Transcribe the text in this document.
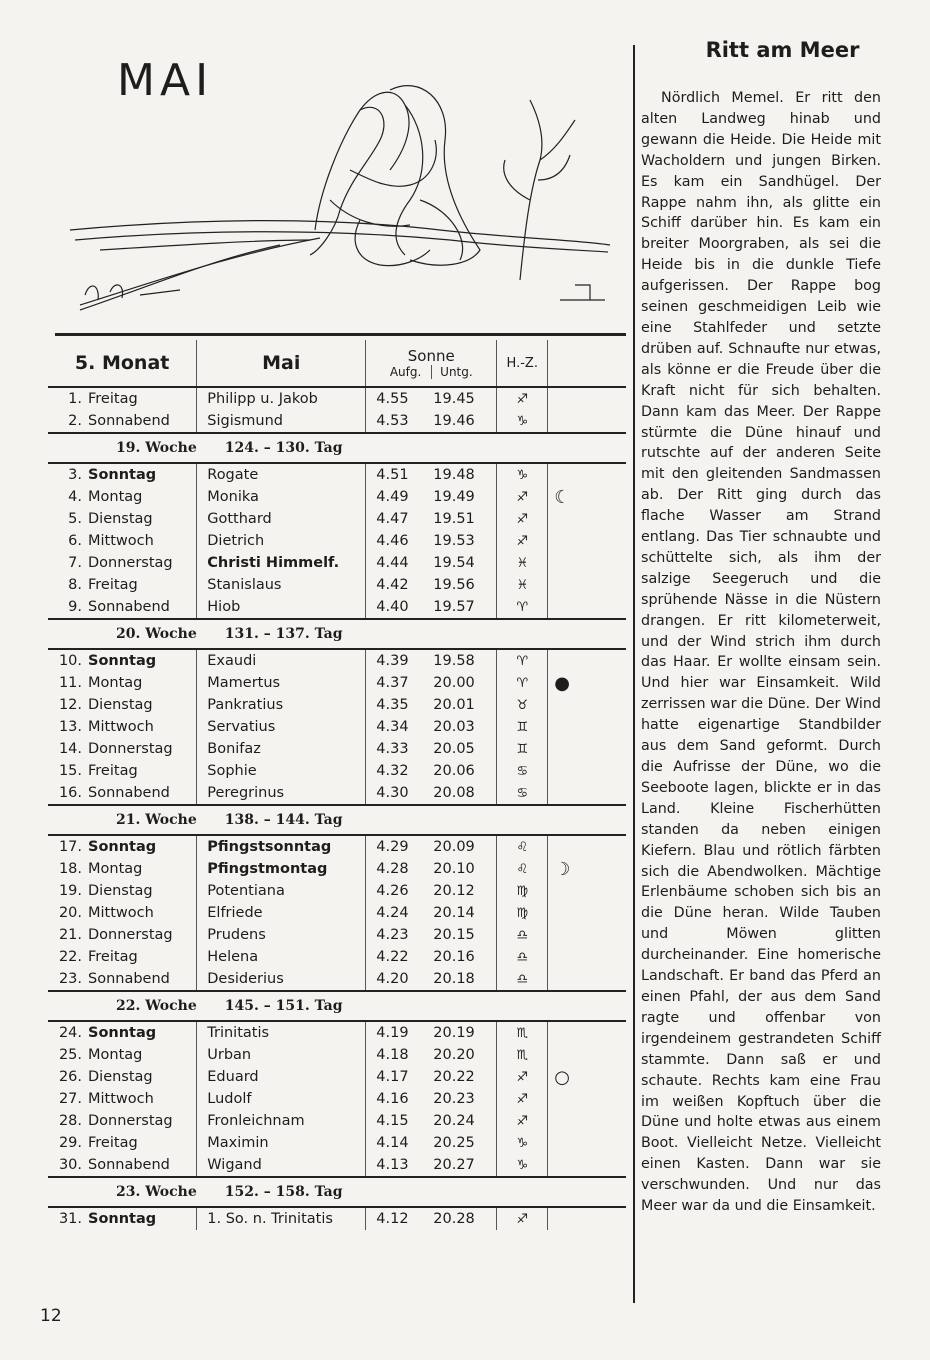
MAI
5. Monat		Mai	Sonne
Aufg. Untg.		H.-Z.	
1.	Freitag	Philipp u. Jakob	4.55	19.45	♐	
2.	Sonnabend	Sigismund	4.53	19.46	♑	
	19. Woche	124. – 130. Tag				
3.	Sonntag	Rogate	4.51	19.48	♑	
4.	Montag	Monika	4.49	19.49	♐	☾
5.	Dienstag	Gotthard	4.47	19.51	♐	
6.	Mittwoch	Dietrich	4.46	19.53	♐	
7.	Donnerstag	Christi Himmelf.	4.44	19.54	♓	
8.	Freitag	Stanislaus	4.42	19.56	♓	
9.	Sonnabend	Hiob	4.40	19.57	♈	
	20. Woche	131. – 137. Tag				
10.	Sonntag	Exaudi	4.39	19.58	♈	
11.	Montag	Mamertus	4.37	20.00	♈	●
12.	Dienstag	Pankratius	4.35	20.01	♉	
13.	Mittwoch	Servatius	4.34	20.03	♊	
14.	Donnerstag	Bonifaz	4.33	20.05	♊	
15.	Freitag	Sophie	4.32	20.06	♋	
16.	Sonnabend	Peregrinus	4.30	20.08	♋	
	21. Woche	138. – 144. Tag				
17.	Sonntag	Pfingstsonntag	4.29	20.09	♌	
18.	Montag	Pfingstmontag	4.28	20.10	♌	☽
19.	Dienstag	Potentiana	4.26	20.12	♍	
20.	Mittwoch	Elfriede	4.24	20.14	♍	
21.	Donnerstag	Prudens	4.23	20.15	♎	
22.	Freitag	Helena	4.22	20.16	♎	
23.	Sonnabend	Desiderius	4.20	20.18	♎	
	22. Woche	145. – 151. Tag				
24.	Sonntag	Trinitatis	4.19	20.19	♏	
25.	Montag	Urban	4.18	20.20	♏	
26.	Dienstag	Eduard	4.17	20.22	♐	○
27.	Mittwoch	Ludolf	4.16	20.23	♐	
28.	Donnerstag	Fronleichnam	4.15	20.24	♐	
29.	Freitag	Maximin	4.14	20.25	♑	
30.	Sonnabend	Wigand	4.13	20.27	♑	
	23. Woche	152. – 158. Tag				
31.	Sonntag	1. So. n. Trinitatis	4.12	20.28	♐	
Ritt am Meer
Nördlich Memel. Er ritt den alten Landweg hinab und gewann die Heide. Die Heide mit Wacholdern und jungen Birken. Es kam ein Sandhügel. Der Rappe nahm ihn, als glitte ein Schiff darüber hin. Es kam ein breiter Moorgraben, als sei die Heide bis in die dunkle Tiefe aufgerissen. Der Rappe bog seinen geschmeidigen Leib wie eine Stahlfeder und setzte drüben auf. Schnaufte nur etwas, als könne er die Freude über die Kraft nicht für sich behalten. Dann kam das Meer. Der Rappe stürmte die Düne hinauf und rutschte auf der anderen Seite mit den gleitenden Sandmassen ab. Der Ritt ging durch das flache Wasser am Strand entlang. Das Tier schnaubte und schüttelte sich, als ihm der salzige Seegeruch und die sprühende Nässe in die Nüstern drangen. Er ritt kilometerweit, und der Wind strich ihm durch das Haar. Er wollte einsam sein. Und hier war Einsamkeit. Wild zerrissen war die Düne. Der Wind hatte eigenartige Standbilder aus dem Sand geformt. Durch die Aufrisse der Düne, wo die Seeboote lagen, blickte er in das Land. Kleine Fischerhütten standen da neben einigen Kiefern. Blau und rötlich färbten sich die Abendwolken. Mächtige Erlenbäume schoben sich bis an die Düne heran. Wilde Tauben und Möwen glitten durcheinander. Eine homerische Landschaft. Er band das Pferd an einen Pfahl, der aus dem Sand ragte und offenbar von irgendeinem gestrandeten Schiff stammte. Dann saß er und schaute. Rechts kam eine Frau im weißen Kopftuch über die Düne und holte etwas aus einem Boot. Vielleicht Netze. Vielleicht einen Kasten. Dann war sie verschwunden. Und nur das Meer war da und die Einsamkeit.
12
